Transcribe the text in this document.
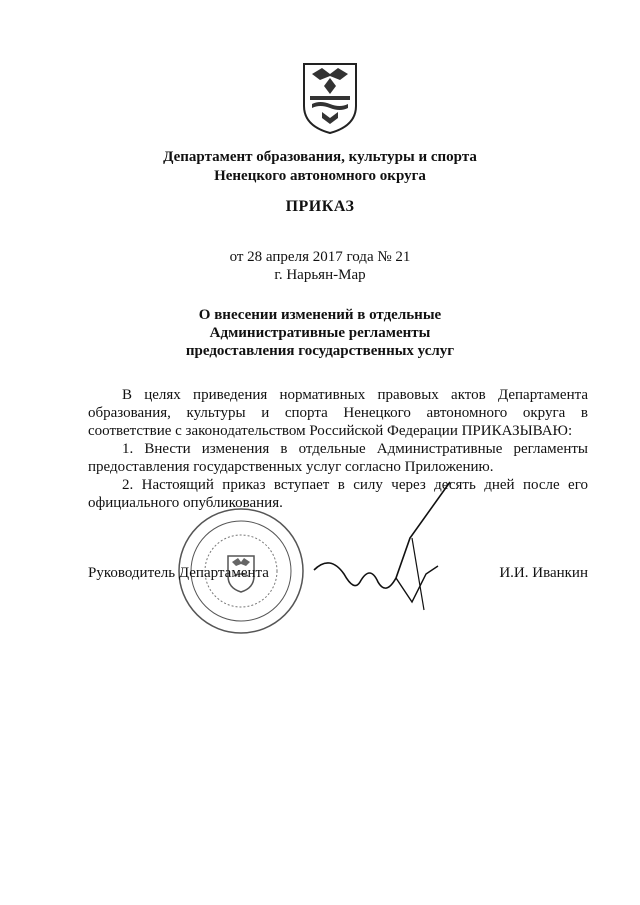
Департамент образования, культуры и спорта
Ненецкого автономного округа
ПРИКАЗ
от 28 апреля 2017 года № 21
г. Нарьян-Мар
О внесении изменений в отдельные
Административные регламенты
предоставления государственных услуг

В целях приведения нормативных правовых актов Департамента образования, культуры и спорта Ненецкого автономного округа в соответствие с законодательством Российской Федерации ПРИКАЗЫВАЮ:

1. Внести изменения в отдельные Административные регламенты предоставления государственных услуг согласно Приложению.

2. Настоящий приказ вступает в силу через десять дней после его официального опубликования.

Руководитель Департамента	И.И. Иванкин
